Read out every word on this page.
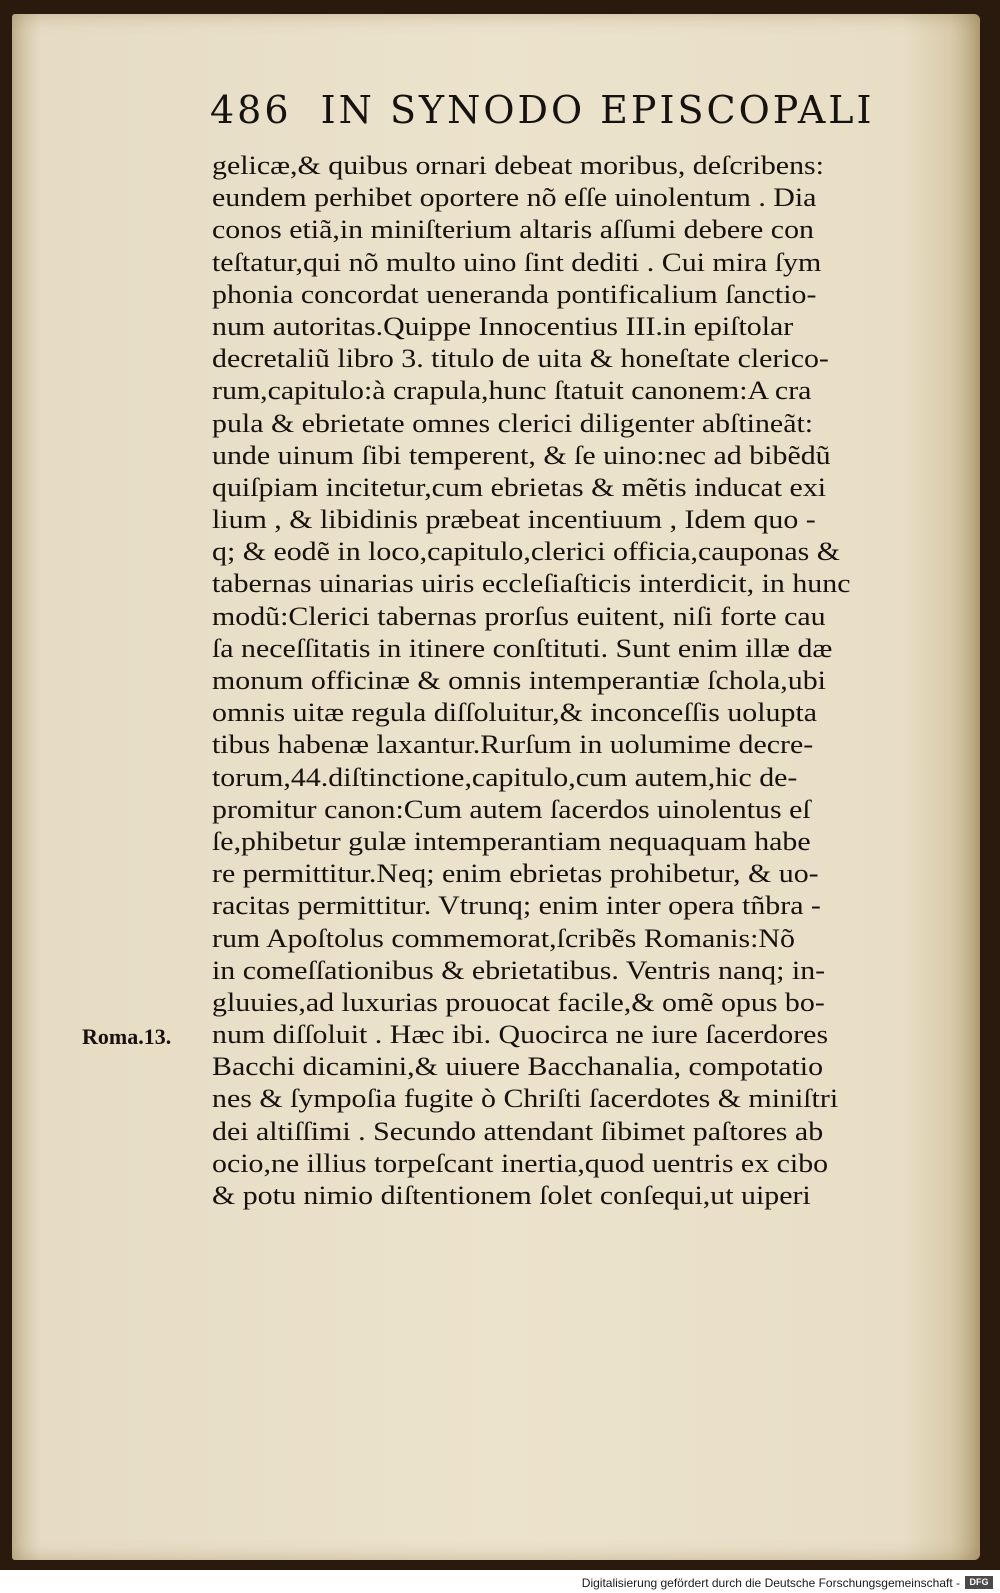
486 IN SYNODO EPISCOPALI
gelicæ,& quibus ornari debeat moribus, deſcribens:
eundem perhibet oportere nõ eſſe uinolentum . Dia
conos etiã,in miniſterium altaris aſſumi debere con
teſtatur,qui nõ multo uino ſint dediti . Cui mira ſym
phonia concordat ueneranda pontificalium ſanctio-
num autoritas.Quippe Innocentius III.in epiſtolar
decretaliũ libro 3. titulo de uita & honeſtate clerico-
rum,capitulo:à crapula,hunc ſtatuit canonem:A cra
pula & ebrietate omnes clerici diligenter abſtineãt:
unde uinum ſibi temperent, & ſe uino:nec ad bibẽdũ
quiſpiam incitetur,cum ebrietas & mẽtis inducat exi
lium , & libidinis præbeat incentiuum , Idem quo -
q; & eodẽ in loco,capitulo,clerici officia,cauponas &
tabernas uinarias uiris eccleſiaſticis interdicit, in hunc
modũ:Clerici tabernas prorſus euitent, niſi forte cau
ſa neceſſitatis in itinere conſtituti. Sunt enim illæ dæ
monum officinæ & omnis intemperantiæ ſchola,ubi
omnis uitæ regula diſſoluitur,& inconceſſis uolupta
tibus habenæ laxantur.Rurſum in uolumime decre-
torum,44.diſtinctione,capitulo,cum autem,hic de-
promitur canon:Cum autem ſacerdos uinolentus eſ
ſe,phibetur gulæ intemperantiam nequaquam habe
re permittitur.Neq; enim ebrietas prohibetur, & uo-
racitas permittitur. Vtrunq; enim inter opera tñbra -
rum Apoſtolus commemorat,ſcribẽs Romanis:Nõ
in comeſſationibus & ebrietatibus. Ventris nanq; in-
gluuies,ad luxurias prouocat facile,& omẽ opus bo-
num diſſoluit . Hæc ibi. Quocirca ne iure ſacerdores
Bacchi dicamini,& uiuere Bacchanalia, compotatio
nes & ſympoſia fugite ò Chriſti ſacerdotes & miniſtri
dei altiſſimi . Secundo attendant ſibimet paſtores ab
ocio,ne illius torpeſcant inertia,quod uentris ex cibo
& potu nimio diſtentionem ſolet conſequi,ut uiperi
Roma.13.
Digitalisierung gefördert durch die Deutsche Forschungsgemeinschaft -	DFG
